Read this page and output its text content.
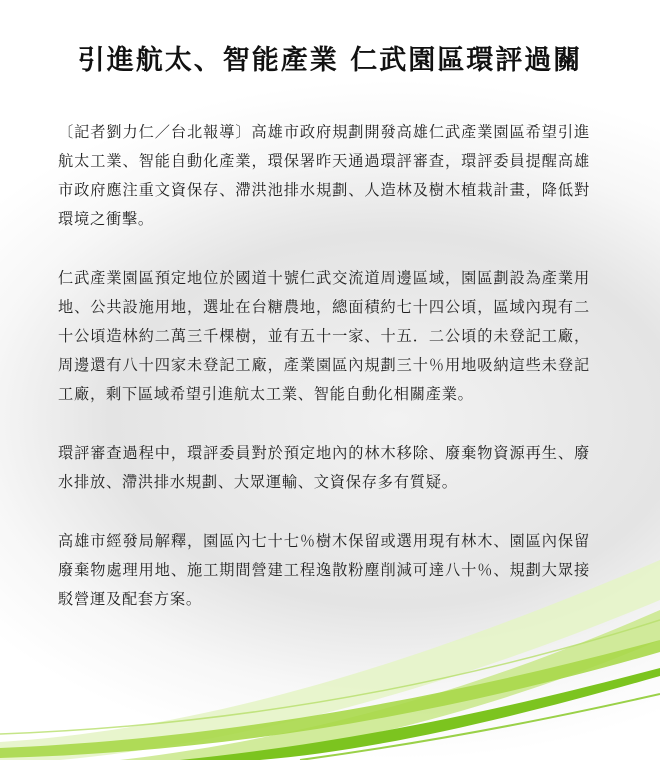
引進航太、智能產業 仁武園區環評過關

〔記者劉力仁／台北報導〕高雄市政府規劃開發高雄仁武產業園區希望引進航太工業、智能自動化產業，環保署昨天通過環評審查，環評委員提醒高雄市政府應注重文資保存、滯洪池排水規劃、人造林及樹木植栽計畫，降低對環境之衝擊。

仁武產業園區預定地位於國道十號仁武交流道周邊區域，園區劃設為產業用地、公共設施用地，選址在台糖農地，總面積約七十四公頃，區域內現有二十公頃造林約二萬三千棵樹，並有五十一家、十五．二公頃的未登記工廠，周邊還有八十四家未登記工廠，產業園區內規劃三十％用地吸納這些未登記工廠，剩下區域希望引進航太工業、智能自動化相關產業。

環評審查過程中，環評委員對於預定地內的林木移除、廢棄物資源再生、廢水排放、滯洪排水規劃、大眾運輸、文資保存多有質疑。

高雄市經發局解釋，園區內七十七％樹木保留或選用現有林木、園區內保留廢棄物處理用地、施工期間營建工程逸散粉塵削減可達八十％、規劃大眾接駁營運及配套方案。
